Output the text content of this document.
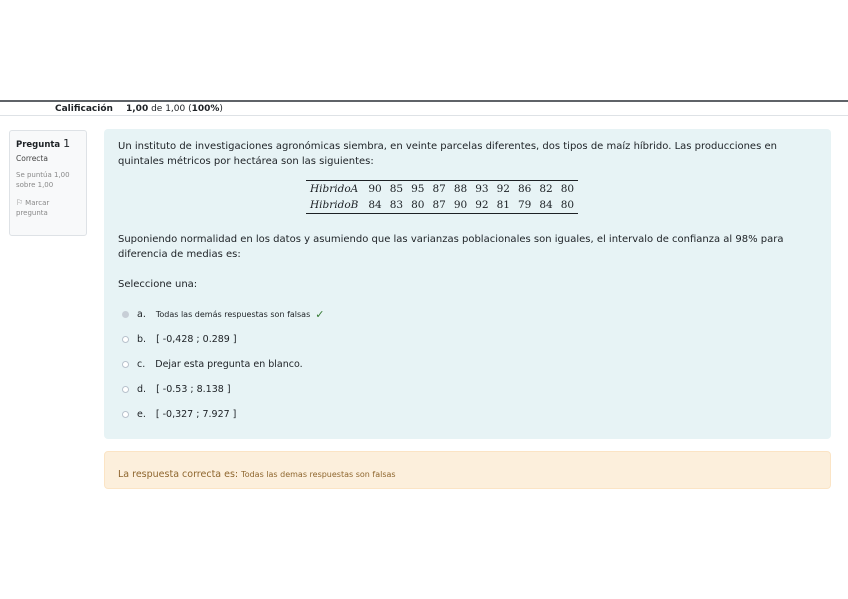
Calificación 1,00 de 1,00 (100%)

Pregunta 1

Correcta

Se puntúa 1,00
sobre 1,00

⚐ Marcar
pregunta

Un instituto de investigaciones agronómicas siembra, en veinte parcelas diferentes, dos tipos de maíz híbrido. Las producciones en quintales métricos por hectárea son las siguientes:

HibridoA	90	85	95	87	88	93	92	86	82	80
HibridoB	84	83	80	87	90	92	81	79	84	80

Suponiendo normalidad en los datos y asumiendo que las varianzas poblacionales son iguales, el intervalo de confianza al 98% para diferencia de medias es:

Seleccione una:

a. Todas las demás respuestas son falsas ✓
b. [ -0,428 ; 0.289 ]
c. Dejar esta pregunta en blanco.
d. [ -0.53 ; 8.138 ]
e. [ -0,327 ; 7.927 ]
La respuesta correcta es: Todas las demas respuestas son falsas
